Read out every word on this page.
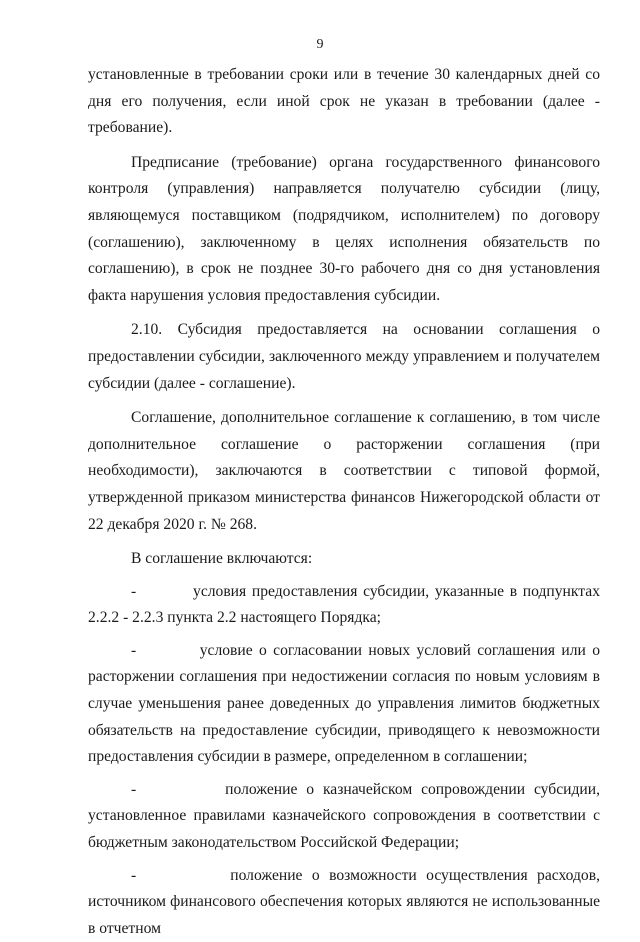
9

установленные в требовании сроки или в течение 30 календарных дней со дня его получения, если иной срок не указан в требовании (далее - требование).

Предписание (требование) органа государственного финансового контроля (управления) направляется получателю субсидии (лицу, являющемуся поставщиком (подрядчиком, исполнителем) по договору (соглашению), заключенному в целях исполнения обязательств по соглашению), в срок не позднее 30-го рабочего дня со дня установления факта нарушения условия предоставления субсидии.

2.10. Субсидия предоставляется на основании соглашения о предоставлении субсидии, заключенного между управлением и получателем субсидии (далее - соглашение).

Соглашение, дополнительное соглашение к соглашению, в том числе дополнительное соглашение о расторжении соглашения (при необходимости), заключаются в соответствии с типовой формой, утвержденной приказом министерства финансов Нижегородской области от 22 декабря 2020 г. № 268.

В соглашение включаются:

-          условия предоставления субсидии, указанные в подпунктах 2.2.2 - 2.2.3 пункта 2.2 настоящего Порядка;

-          условие о согласовании новых условий соглашения или о расторжении соглашения при недостижении согласия по новым условиям в случае уменьшения ранее доведенных до управления лимитов бюджетных обязательств на предоставление субсидии, приводящего к невозможности предоставления субсидии в размере, определенном в соглашении;

-          положение о казначейском сопровождении субсидии, установленное правилами казначейского сопровождения в соответствии с бюджетным законодательством Российской Федерации;

-          положение о возможности осуществления расходов, источником финансового обеспечения которых являются не использованные в отчетном
